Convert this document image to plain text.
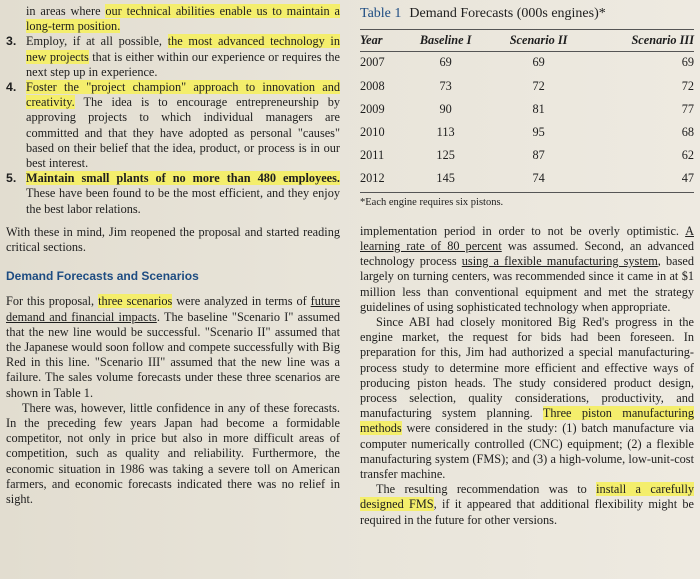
in areas where our technical abilities enable us to maintain a long-term position.

3. Employ, if at all possible, the most advanced technology in new projects that is either within our experience or requires the next step up in experience.

4. Foster the "project champion" approach to innovation and creativity. The idea is to encourage entrepreneurship by approving projects to which individual managers are committed and that they have adopted as personal "causes" based on their belief that the idea, product, or process is in our best interest.

5. Maintain small plants of no more than 480 employees. These have been found to be the most efficient, and they enjoy the best labor relations.

With these in mind, Jim reopened the proposal and started reading critical sections.

Demand Forecasts and Scenarios

For this proposal, three scenarios were analyzed in terms of future demand and financial impacts. The baseline "Scenario I" assumed that the new line would be successful. "Scenario II" assumed that the Japanese would soon follow and compete successfully with Big Red in this line. "Scenario III" assumed that the new line was a failure. The sales volume forecasts under these three scenarios are shown in Table 1.

There was, however, little confidence in any of these forecasts. In the preceding few years Japan had become a formidable competitor, not only in price but also in more difficult areas of competition, such as quality and reliability. Furthermore, the economic situation in 1986 was taking a severe toll on American farmers, and economic forecasts indicated there was no relief in sight.

Table 1 Demand Forecasts (000s engines)*
Year	Baseline I	Scenario II	Scenario III
2007	69	69	69
2008	73	72	72
2009	90	81	77
2010	113	95	68
2011	125	87	62
2012	145	74	47
*Each engine requires six pistons.

implementation period in order to not be overly optimistic. A learning rate of 80 percent was assumed. Second, an advanced technology process using a flexible manufacturing system, based largely on turning centers, was recommended since it came in at $1 million less than conventional equipment and met the strategy guidelines of using sophisticated technology when appropriate.

Since ABI had closely monitored Big Red's progress in the engine market, the request for bids had been foreseen. In preparation for this, Jim had authorized a special manufacturing-process study to determine more efficient and effective ways of producing piston heads. The study considered product design, process selection, quality considerations, productivity, and manufacturing system planning. Three piston manufacturing methods were considered in the study: (1) batch manufacture via computer numerically controlled (CNC) equipment; (2) a flexible manufacturing system (FMS); and (3) a high-volume, low-unit-cost transfer machine.

The resulting recommendation was to install a carefully designed FMS, if it appeared that additional flexibility might be required in the future for other versions.
